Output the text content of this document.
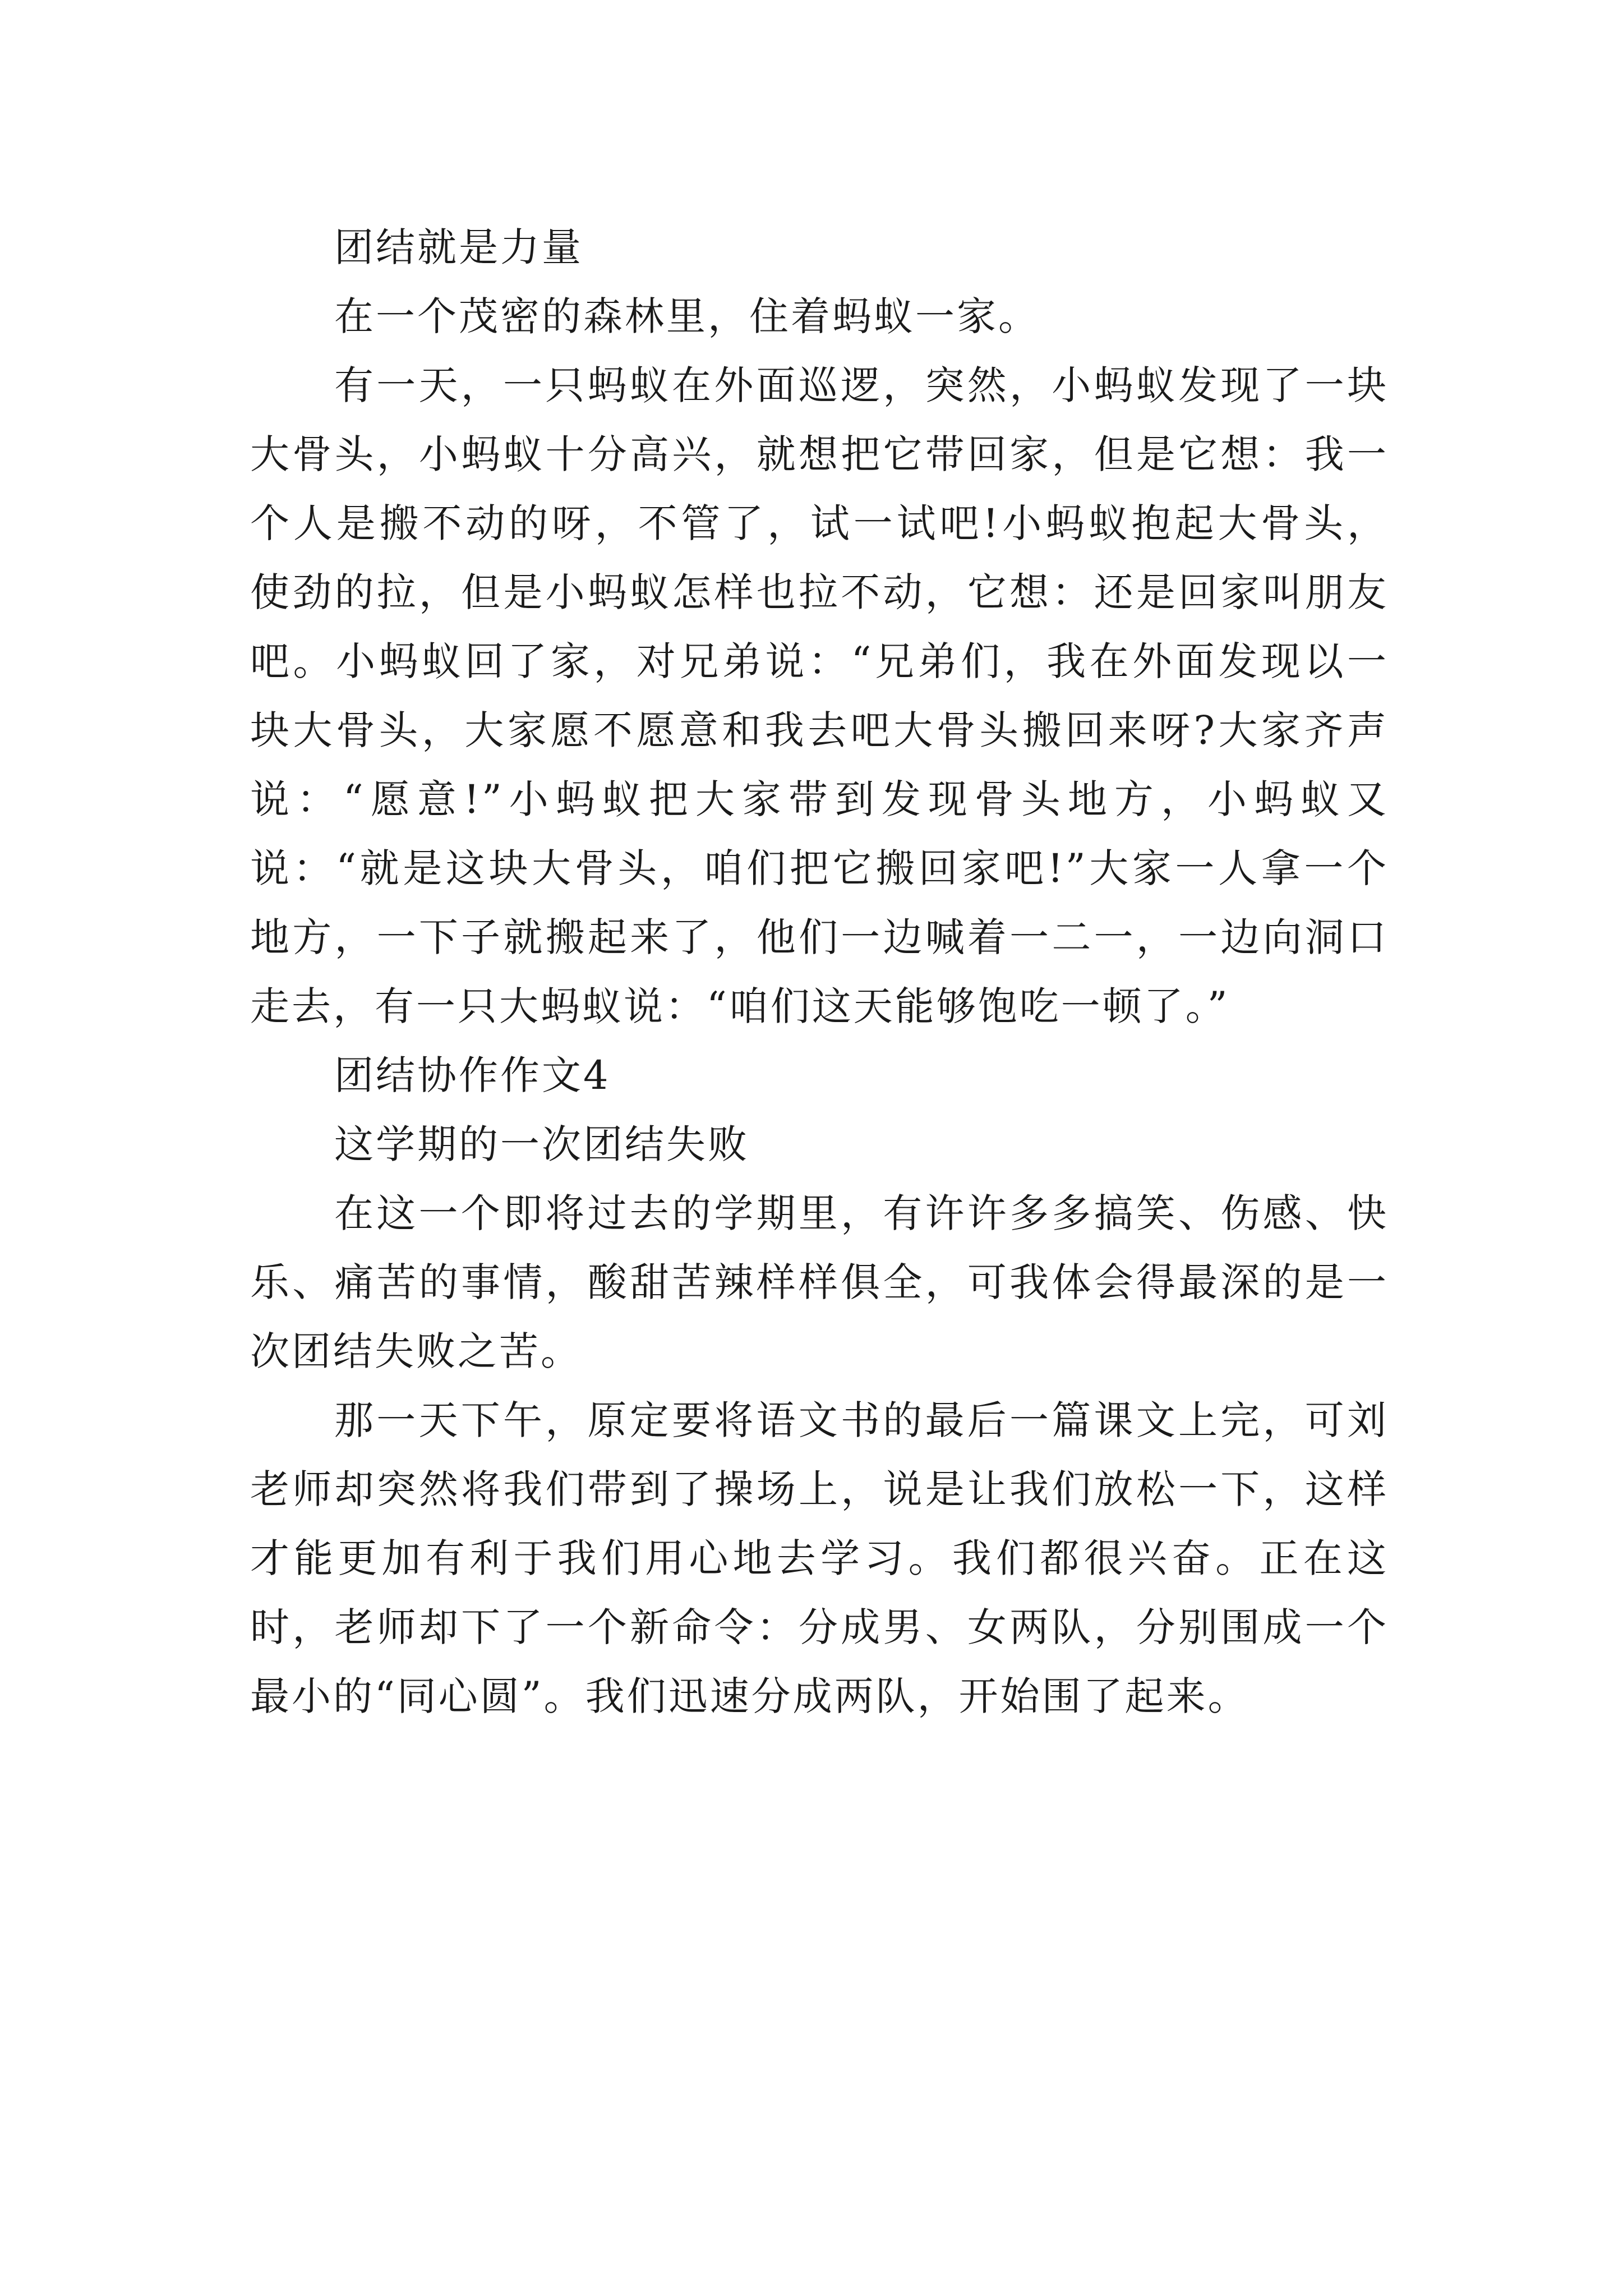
团结就是力量

在一个茂密的森林里，住着蚂蚁一家。

有一天，一只蚂蚁在外面巡逻，突然，小蚂蚁发现了一块大骨头，小蚂蚁十分高兴，就想把它带回家，但是它想：我一个人是搬不动的呀，不管了，试一试吧!小蚂蚁抱起大骨头，使劲的拉，但是小蚂蚁怎样也拉不动，它想：还是回家叫朋友吧。小蚂蚁回了家，对兄弟说：“兄弟们，我在外面发现以一块大骨头，大家愿不愿意和我去吧大骨头搬回来呀?大家齐声说：“愿意!”小蚂蚁把大家带到发现骨头地方，小蚂蚁又说：“就是这块大骨头，咱们把它搬回家吧!”大家一人拿一个地方，一下子就搬起来了，他们一边喊着一二一，一边向洞口走去，有一只大蚂蚁说：“咱们这天能够饱吃一顿了。”

团结协作作文4

这学期的一次团结失败

在这一个即将过去的学期里，有许许多多搞笑、伤感、快乐、痛苦的事情，酸甜苦辣样样俱全，可我体会得最深的是一次团结失败之苦。

那一天下午，原定要将语文书的最后一篇课文上完，可刘老师却突然将我们带到了操场上，说是让我们放松一下，这样才能更加有利于我们用心地去学习。我们都很兴奋。正在这时，老师却下了一个新命令：分成男、女两队，分别围成一个最小的“同心圆”。我们迅速分成两队，开始围了起来。
